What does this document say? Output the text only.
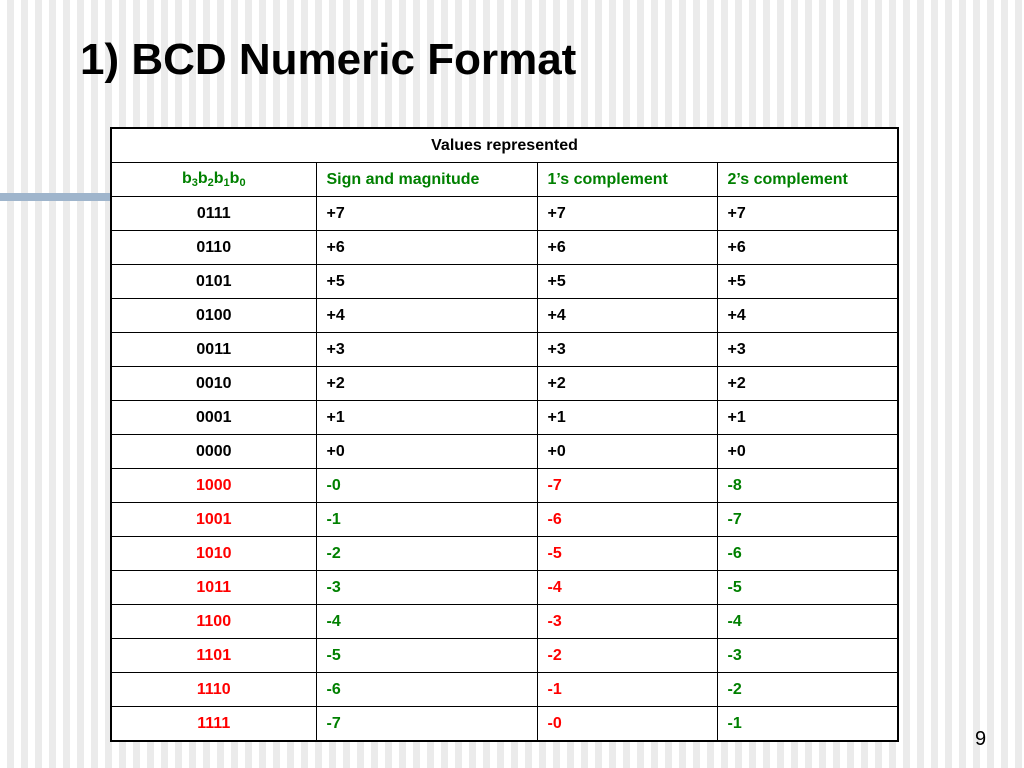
1) BCD Numeric Format
Values represented			
$b_3b_2b_1b_0$	Sign and magnitude	1’s complement	2’s complement
0111	+7	+7	+7
0110	+6	+6	+6
0101	+5	+5	+5
0100	+4	+4	+4
0011	+3	+3	+3
0010	+2	+2	+2
0001	+1	+1	+1
0000	+0	+0	+0
1000	-0	-7	-8
1001	-1	-6	-7
1010	-2	-5	-6
1011	-3	-4	-5
1100	-4	-3	-4
1101	-5	-2	-3
1110	-6	-1	-2
1111	-7	-0	-1
9
